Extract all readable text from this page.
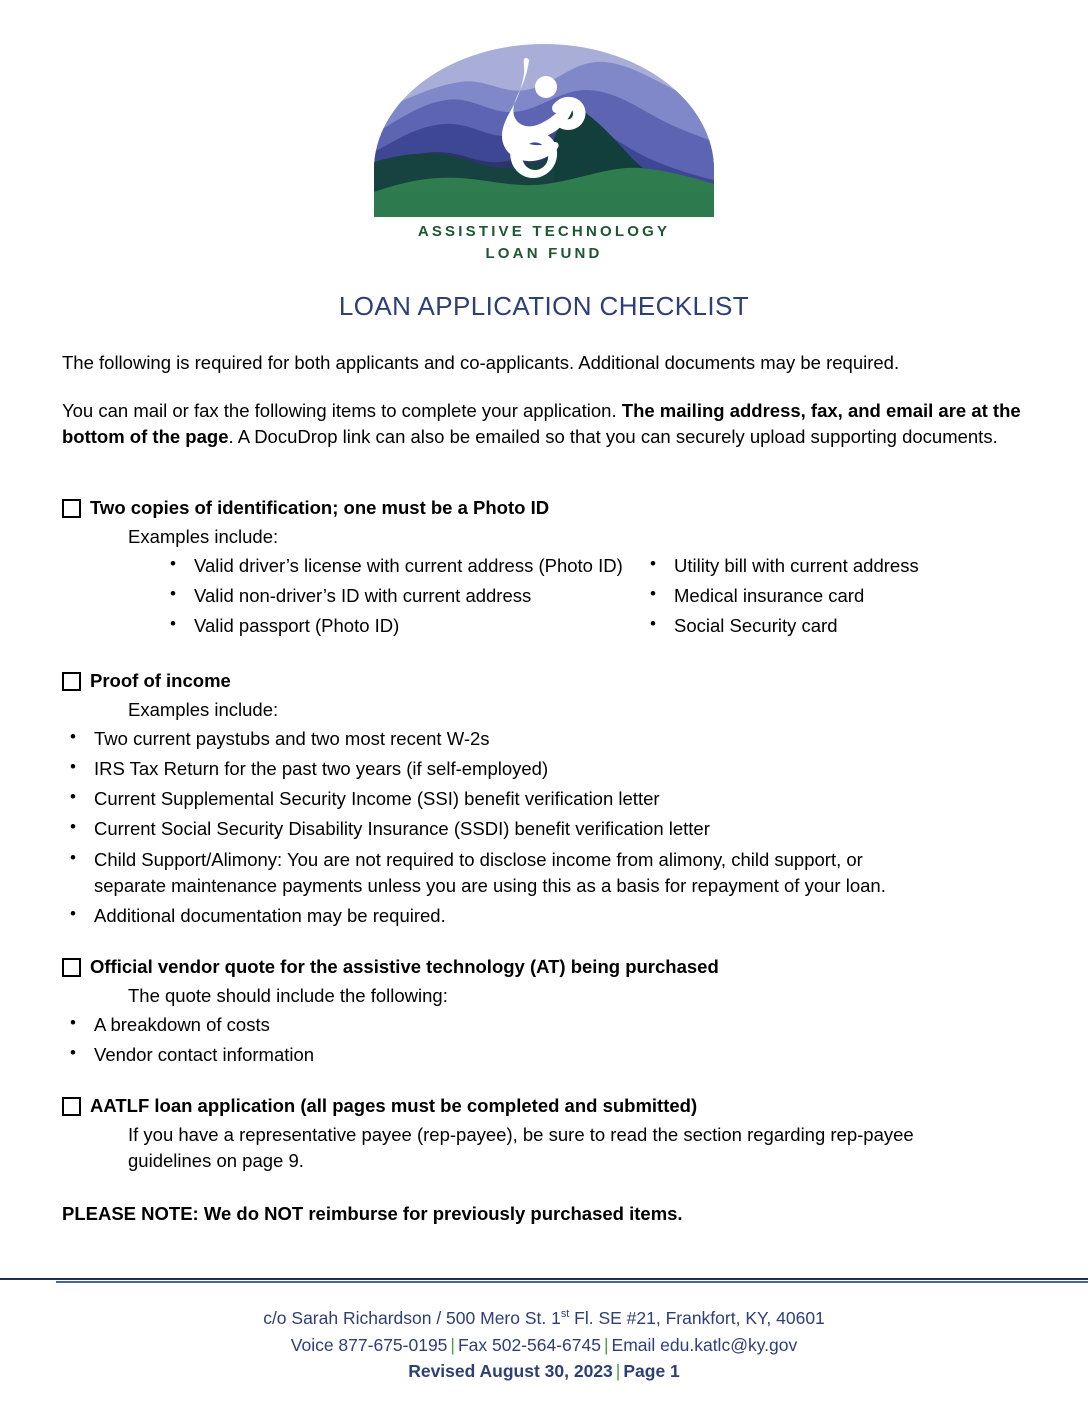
ASSISTIVE TECHNOLOGY
LOAN FUND
LOAN APPLICATION CHECKLIST

The following is required for both applicants and co-applicants. Additional documents may be required.

You can mail or fax the following items to complete your application. The mailing address, fax, and email are at the bottom of the page. A DocuDrop link can also be emailed so that you can securely upload supporting documents.

Two copies of identification; one must be a Photo ID
Examples include:
• Valid driver’s license with current address (Photo ID)
• Valid non-driver’s ID with current address
• Valid passport (Photo ID)
• Utility bill with current address
• Medical insurance card
• Social Security card
Proof of income
Examples include:
• Two current paystubs and two most recent W-2s
• IRS Tax Return for the past two years (if self-employed)
• Current Supplemental Security Income (SSI) benefit verification letter
• Current Social Security Disability Insurance (SSDI) benefit verification letter
• Child Support/Alimony: You are not required to disclose income from alimony, child support, or separate maintenance payments unless you are using this as a basis for repayment of your loan.
• Additional documentation may be required.
Official vendor quote for the assistive technology (AT) being purchased
The quote should include the following:
• A breakdown of costs
• Vendor contact information
AATLF loan application (all pages must be completed and submitted)
If you have a representative payee (rep-payee), be sure to read the section regarding rep-payee guidelines on page 9.
PLEASE NOTE: We do NOT reimburse for previously purchased items.
c/o Sarah Richardson / 500 Mero St. 1st Fl. SE #21, Frankfort, KY, 40601
Voice 877-675-0195 | Fax 502-564-6745 | Email edu.katlc@ky.gov
Revised August 30, 2023 | Page 1
